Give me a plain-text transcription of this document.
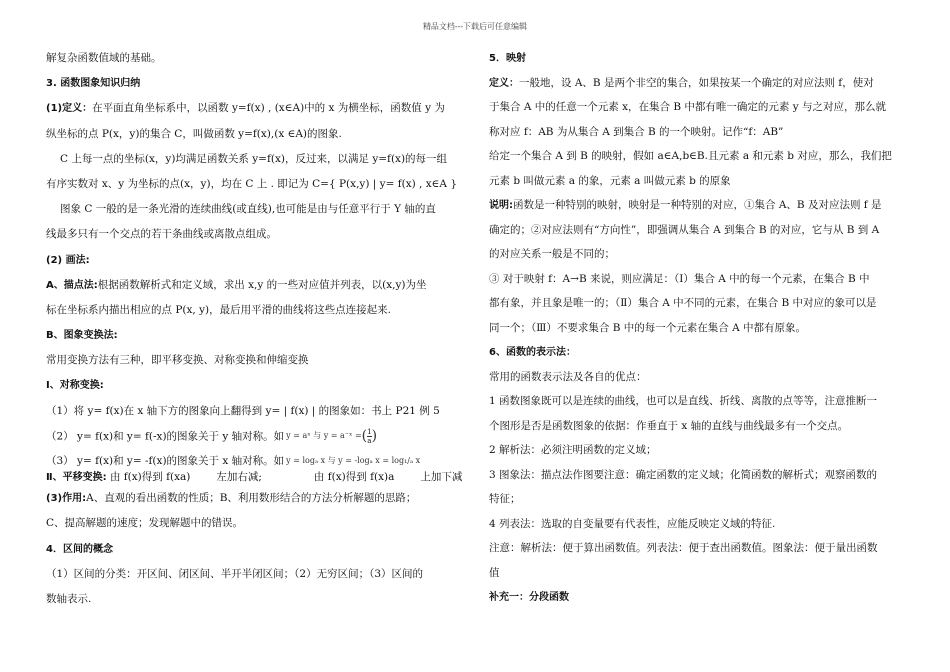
精品文档---下载后可任意编辑
解复杂函数值域的基础。
3. 函数图象知识归纳
(1)定义：在平面直角坐标系中，以函数 y=f(x) , (x∈A)中的 x 为横坐标，函数值 y 为
纵坐标的点 P(x，y)的集合 C，叫做函数 y=f(x),(x ∈A)的图象.
C 上每一点的坐标(x，y)均满足函数关系 y=f(x)，反过来，以满足 y=f(x)的每一组
有序实数对 x、y 为坐标的点(x，y)，均在 C 上 . 即记为 C={ P(x,y) | y= f(x) , x∈A }
图象 C 一般的是一条光滑的连续曲线(或直线),也可能是由与任意平行于 Y 轴的直
线最多只有一个交点的若干条曲线或离散点组成。
(2) 画法:
A、描点法:根据函数解析式和定义域，求出 x,y 的一些对应值并列表，以(x,y)为坐
标在坐标系内描出相应的点 P(x, y)，最后用平滑的曲线将这些点连接起来.
B、图象变换法:
常用变换方法有三种，即平移变换、对称变换和伸缩变换
Ⅰ、对称变换:
（1）将 y= f(x)在 x 轴下方的图象向上翻得到 y= | f(x) | 的图象如：书上 P21 例 5
（2） y= f(x)和 y= f(-x)的图象关于 y 轴对称。如 y = aˣ 与 y = a⁻ˣ =( $\frac{1}{a}$ )
（3） y= f(x)和 y= -f(x)的图象关于 x 轴对称。如 y = logₐ x 与 y = -logₐ x = log₁/ₐ x
Ⅱ、平移变换: 由 f(x)得到 f(xa) 左加右减;	由 f(x)得到 f(x)a 上加下减
(3)作用:A、直观的看出函数的性质；B、利用数形结合的方法分析解题的思路；
C、提高解题的速度；发现解题中的错误。
4．区间的概念
（1）区间的分类：开区间、闭区间、半开半闭区间；（2）无穷区间；（3）区间的
数轴表示.
5．映射
定义：一般地，设 A、B 是两个非空的集合，如果按某一个确定的对应法则 f，使对
于集合 A 中的任意一个元素 x，在集合 B 中都有唯一确定的元素 y 与之对应，那么就
称对应 f：AB 为从集合 A 到集合 B 的一个映射。记作“f：AB”
给定一个集合 A 到 B 的映射，假如 a∈A,b∈B.且元素 a 和元素 b 对应，那么，我们把
元素 b 叫做元素 a 的象，元素 a 叫做元素 b 的原象
说明:函数是一种特别的映射，映射是一种特别的对应，①集合 A、B 及对应法则 f 是
确定的；②对应法则有“方向性”，即强调从集合 A 到集合 B 的对应，它与从 B 到 A
的对应关系一般是不同的；
③ 对于映射 f：A→B 来说，则应满足：（Ⅰ）集合 A 中的每一个元素，在集合 B 中
都有象，并且象是唯一的；（Ⅱ）集合 A 中不同的元素，在集合 B 中对应的象可以是
同一个；（Ⅲ）不要求集合 B 中的每一个元素在集合 A 中都有原象。
6、函数的表示法：
常用的函数表示法及各自的优点：
1 函数图象既可以是连续的曲线，也可以是直线、折线、离散的点等等，注意推断一
个图形是否是函数图象的依据：作垂直于 x 轴的直线与曲线最多有一个交点。
2 解析法：必须注明函数的定义域；
3 图象法：描点法作图要注意：确定函数的定义域；化简函数的解析式；观察函数的
特征；
4 列表法：选取的自变量要有代表性，应能反映定义域的特征.
注意：解析法：便于算出函数值。列表法：便于查出函数值。图象法：便于量出函数
值
补充一：分段函数
